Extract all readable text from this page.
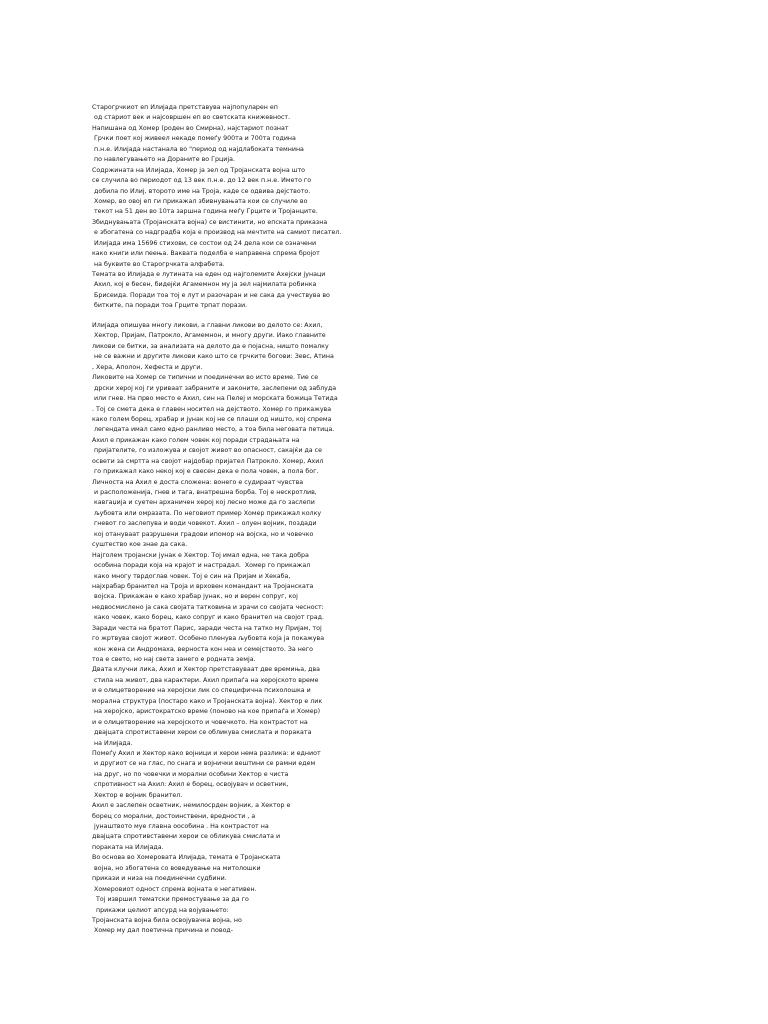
Старогрчкиот еп Илијада претставува најпопуларен еп
од стариот век и најсовршен еп во светската книжевност.
Напишана од Хомер (роден во Смирна), најстариот познат
Грчки поет кој живеел некаде помеѓу 900та и 700та година
п.н.е. Илијада настанала во "период од најдлабоката темнина
по навлегувањето на Дораните во Грција.
Содржината на Илијада, Хомер ја зел од Тројанската војна што
се случила во периодот од 13 век п.н.е. до 12 век п.н.е. Името го
добила по Илиј, второто име на Троја, каде се одвива дејството.
Хомер, во овој еп ги прикажал збивнувањата кои се случиле во
текот на 51 ден во 10та заршна година меѓу Грците и Тројанците.
Збиднувањата (Тројанската војна) се вистинити, но епската приказна
е збогатена со надградба која е производ на мечтите на самиот писател.
Илијада има 15696 стихови, се состои од 24 дела кои се означени
како книги или пеења. Ваквата поделба е направена спрема бројот
на буквите во Старогрчката алфабета.
Темата во Илијада е лутината на еден од најголемите Ахејски јунаци
Ахил, кој е бесен, бидејќи Агамемнон му ја зел најмилата робинка
Брисеида. Поради тоа тој е лут и разочаран и не сака да учествува во
битките, па поради тоа Грците трпат порази.
Илијада опишува многу ликови, а главни ликови во делото се: Ахил,
Хектор, Пријам, Патрокло, Агамемнон, и многу други. Иако главните
ликови се битки, за анализата на делото да е појасна, ништо помалку
не се важни и другите ликови како што се грчките богови: Зевс, Атина
, Хера, Аполон, Хефеста и други.
Ликовите на Хомер се типични и поединечни во исто време. Тие се
дрски херој кој ги уриваат забраните и законите, заслепени од заблуда
или гнев. На прво место е Ахил, син на Пелеј и морската божица Тетида
. Тој се смета дека е главен носител на дејството. Хомер го прикажува
како голем борец, храбар и јунак кој не се плаши од ништо, кој спрема
легендата имал само едно ранливо место, а тоа била неговата петица.
Ахил е прикажан како голем човек кој поради страдањата на
пријателите, го изложува и својот живот во опасност, сакајќи да се
освети за смртта на својот најдобар пријател Патрокло. Хомер, Ахил
го прикажал како некој кој е свесен дека е пола човек, а пола бог.
Личноста на Ахил е доста сложена: вонего е судираат чувства
и расположенија, гнев и тага, внатрешна борба. Тој е нескротлив,
кавгаџија и суетен арханичен херој кој лесно може да го заслепи
љубовта или омразата. По неговиот пример Хомер прикажал колку
гневот го заслепува и води човекот. Ахил – олуен војник, поздади
кој отануваат разрушени градови ипомор на војска, но и човечко
суштество кое знае да сака.
Најголем тројански јунак е Хектор. Тој имал една, не така добра
особина поради која на крајот и настрадал.  Хомер го прикажал
како многу тврдоглав човек. Тој е син на Пријам и Хекаба,
најхрабар бранител на Троја и врховен командант на Тројанската
војска. Прикажан е како храбар јунак, но и верен сопруг, кој
недвосмислено ја сака својата татковина и зрачи со својата чесност:
како човек, како борец, како сопруг и како бранител на својот град.
Заради честа на братот Парис, заради честа на татко му Пријам, тој
го жртвува својот живот. Особено пленува љубовта која ја покажува
кон жена си Андромаха, верноста кон неа и семејството. За него
тоа е свето, но нај света занего е родната земја.
Двата клучни лика, Ахил и Хектор претставуваат две времиња, два
стила на живот, два карактери. Ахил припаѓа на херојското време
и е олицетворение на херојски лик со специфична психолошка и
морална структура (постаро како и Тројанската војна). Хектор е лик
на херојско, аристократско време (поново на кое припаѓа и Хомер)
и е олицетворение на херојското и човечкото. На контрастот на
двајцата спротиставени херои се обликува смислата и пораката
на Илијада.
Помеѓу Ахил и Хектор како војници и херои нема разлика: и едниот
и другиот се на глас, по снага и војнички вештини се рамни едем
на друг, но по човечки и морални особини Хектор е чиста
спротивност на Ахил: Ахил е борец, освојувач и осветник,
Хектор е војник бранител.
Ахил е заслепен осветник, немилосрден војник, а Хектор е
борец со морални, достоинствени, вредности , а
јунаштвото муе главна ооcобина . На контрастот на
двајцата спротивставени херои се обликува смислата и
пораката на Илијада.
Во основа во Хомеровата Илијада, темата е Тројанската
војна, но збогатена со воведување на митолошки
прикази и низа на поединечни судбини.
Хомеровиот одност спрема војната е негативен.
Тој извршил тематски премостување за да го
прикажи целиот апсурд на војувањето:
Тројанската војна била освојувачка војна, но
Хомер му дал поетична причина и повод-
